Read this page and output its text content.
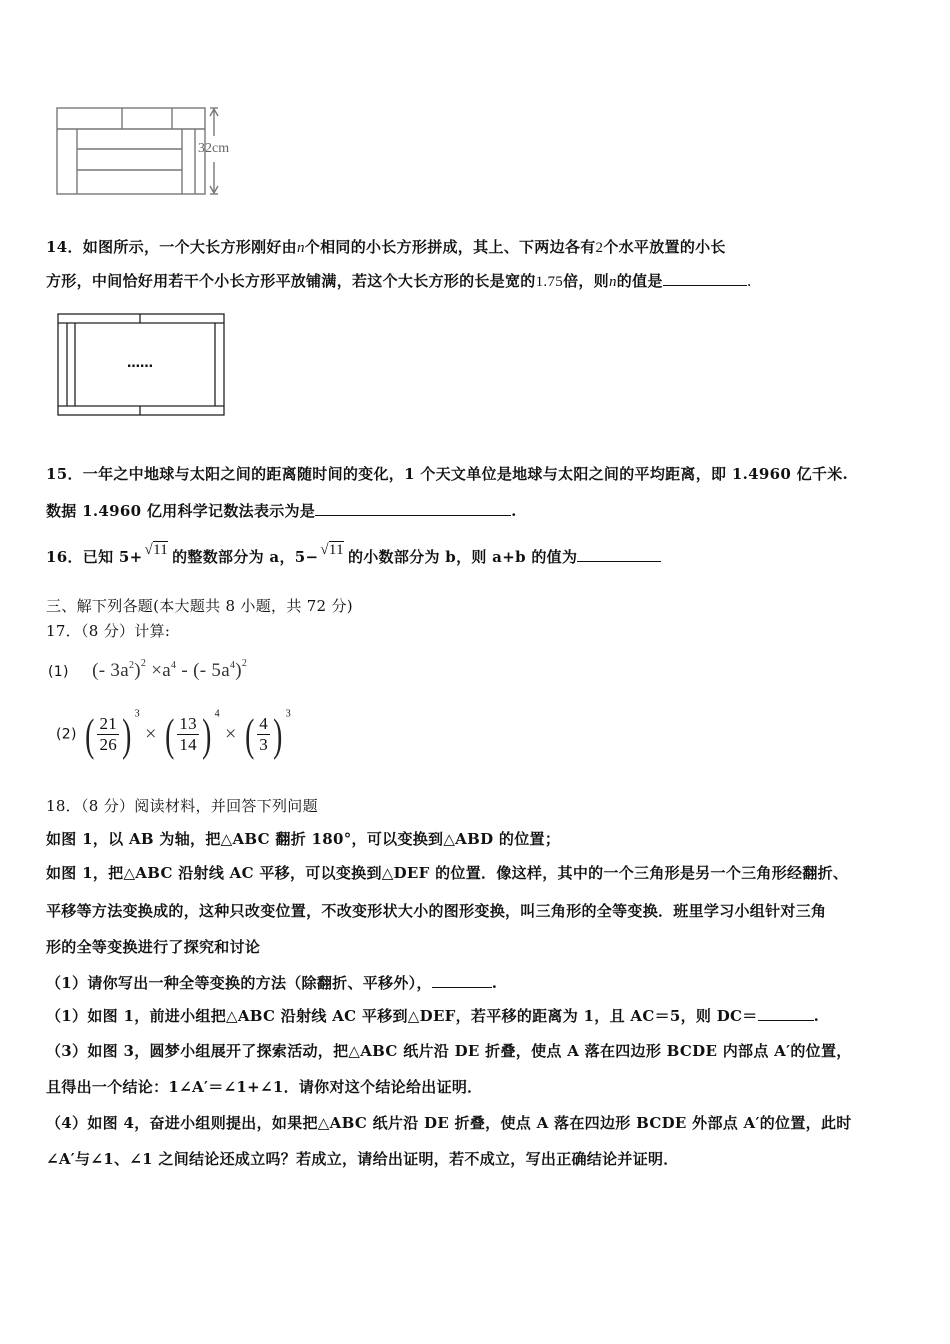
32cm
14．如图所示，一个大长方形刚好由n个相同的小长方形拼成，其上、下两边各有2个水平放置的小长
方形，中间恰好用若干个小长方形平放铺满，若这个大长方形的长是宽的1.75倍，则n的值是	.
……
15．一年之中地球与太阳之间的距离随时间的变化，1 个天文单位是地球与太阳之间的平均距离，即 1.4960 亿千米.
数据 1.4960 亿用科学记数法表示为是	.
16．已知 5+ √11 的整数部分为 a，5− √11 的小数部分为 b，则 a+b 的值为
三、解下列各题(本大题共 8 小题，共 72 分)
17．（8 分）计算:
(1) (- $3a^2)^2 \times a^4$ - (- $5a^4)^2$
(2) ( $\frac{21}{26}$ ) $^3$ × ( $\frac{13}{14}$ ) $^4$ × ( $\frac{4}{3}$ ) $^3$
18．（8 分）阅读材料，并回答下列问题
如图 1，以 AB 为轴，把△ABC 翻折 180°，可以变换到△ABD 的位置；
如图 1，把△ABC 沿射线 AC 平移，可以变换到△DEF 的位置．像这样，其中的一个三角形是另一个三角形经翻折、
平移等方法变换成的，这种只改变位置，不改变形状大小的图形变换，叫三角形的全等变换．班里学习小组针对三角
形的全等变换进行了探究和讨论
（1）请你写出一种全等变换的方法（除翻折、平移外），	.
（1）如图 1，前进小组把△ABC 沿射线 AC 平移到△DEF，若平移的距离为 1，且 AC＝5，则 DC＝	.
（3）如图 3，圆梦小组展开了探索活动，把△ABC 纸片沿 DE 折叠，使点 A 落在四边形 BCDE 内部点 A′的位置，
且得出一个结论：1∠A′＝∠1+∠1．请你对这个结论给出证明．
（4）如图 4，奋进小组则提出，如果把△ABC 纸片沿 DE 折叠，使点 A 落在四边形 BCDE 外部点 A′的位置，此时
∠A′与∠1、∠1 之间结论还成立吗？若成立，请给出证明，若不成立，写出正确结论并证明．
